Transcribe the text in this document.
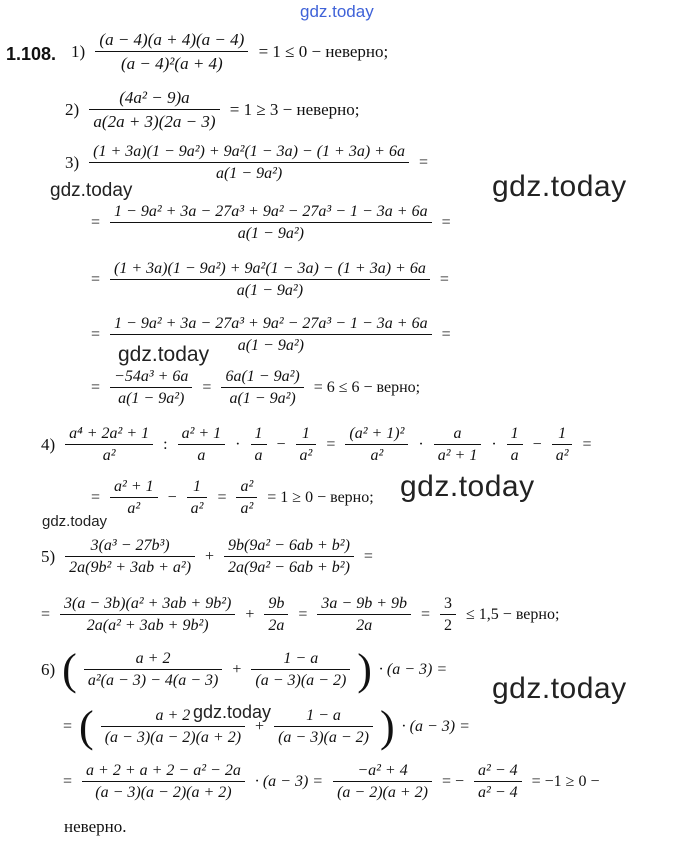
gdz.today
gdz.today	gdz.today
gdz.today
gdz.today
gdz.today
gdz.today
gdz.today
1.108. $1) \frac{(a - 4)(a + 4)(a - 4)}{\text{(a − 4)²(a + 4)}} = 1 \le 0$ − неверно;
$2) \frac{\text{(4a² − 9)a}}{a(2a + 3)(2a - 3)} = 1 \ge 3$ − неверно;
$3) \frac{\text{(1 + 3a)(1 − 9a²) + 9a²(1 − 3a) − (1 + 3a) + 6a}}{\text{a(1 − 9a²)}}$ =
= $\frac{\text{1 − 9a² + 3a − 27a³ + 9a² − 27a³ − 1 − 3a + 6a}}{\text{a(1 − 9a²)}}$ =
= $\frac{\text{(1 + 3a)(1 − 9a²) + 9a²(1 − 3a) − (1 + 3a) + 6a}}{\text{a(1 − 9a²)}}$ =
= $\frac{\text{1 − 9a² + 3a − 27a³ + 9a² − 27a³ − 1 − 3a + 6a}}{\text{a(1 − 9a²)}}$ =
= $\frac{\text{−54a³ + 6a}}{\text{a(1 − 9a²)}} = \frac{\text{6a(1 − 9a²)}}{\text{a(1 − 9a²)}} = 6 \le 6$ − верно;
$4) \frac{\text{a⁴ + 2a² + 1}}{\text{a²}}$ : $\frac{\text{a² + 1}}{a} \cdot \frac{1}{a} - \frac{1}{\text{a²}} = \frac{\text{(a² + 1)²}}{\text{a²}} \cdot \frac{a}{\text{a² + 1}} \cdot \frac{1}{a} - \frac{1}{\text{a²}}$ =
= $\frac{\text{a² + 1}}{\text{a²}} - \frac{1}{\text{a²}} = \frac{\text{a²}}{\text{a²}} = 1 \ge 0$ − верно;
$5) \frac{\text{3(a³ − 27b³)}}{\text{2a(9b² + 3ab + a²)}} + \frac{\text{9b(9a² − 6ab + b²)}}{\text{2a(9a² − 6ab + b²)}}$ =
= $\frac{\text{3(a − 3b)(a² + 3ab + 9b²)}}{\text{2a(a² + 3ab + 9b²)}} + \frac{9b}{2a} = \frac{3a - 9b + 9b}{2a} = \frac{3}{2} \le 1,5$ − верно;
6) ( $\frac{a + 2}{\text{a²(a − 3) − 4(a − 3)}} + \frac{1 - a}{(a - 3)(a - 2)}$ ) · (a − 3) =
= ( $\frac{a + 2}{(a - 3)(a - 2)(a + 2)} + \frac{1 - a}{(a - 3)(a - 2)}$ ) · (a − 3) =
= $\frac{\text{a + 2 + a + 2 − a² − 2a}}{(a - 3)(a - 2)(a + 2)} \cdot (a - 3) = \frac{\text{−a² + 4}}{(a - 2)(a + 2)}$ = − $\frac{\text{a² − 4}}{\text{a² − 4}} = -1 \ge 0$ −
неверно.
